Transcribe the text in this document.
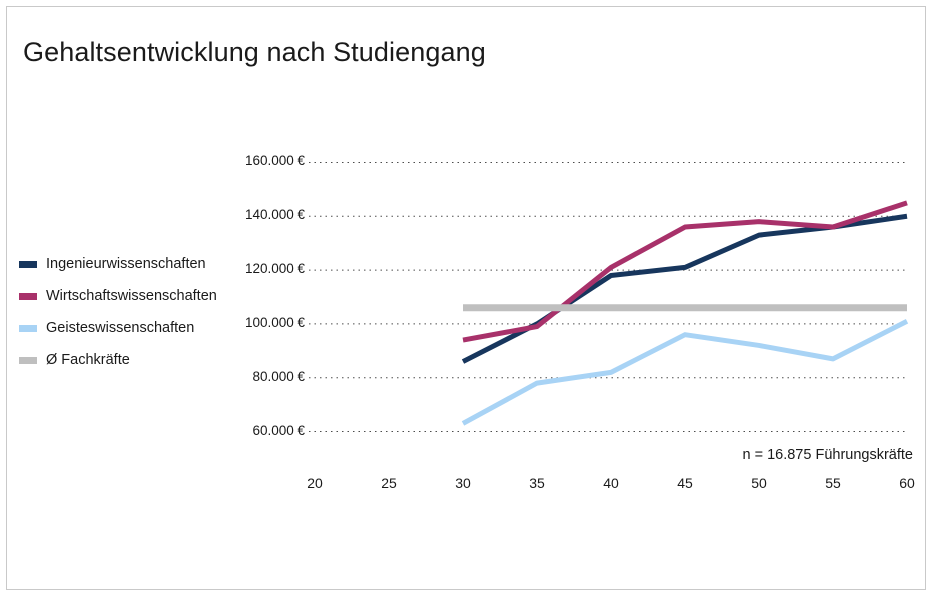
Gehaltsentwicklung nach Studiengang
Ingenieurwissenschaften
Wirtschaftswissenschaften
Geisteswissenschaften
Ø Fachkräfte
60.000 €
80.000 €
100.000 €
120.000 €
140.000 €
160.000 €
20	25	30	35	40	45	50	55	60
n = 16.875 Führungskräfte
